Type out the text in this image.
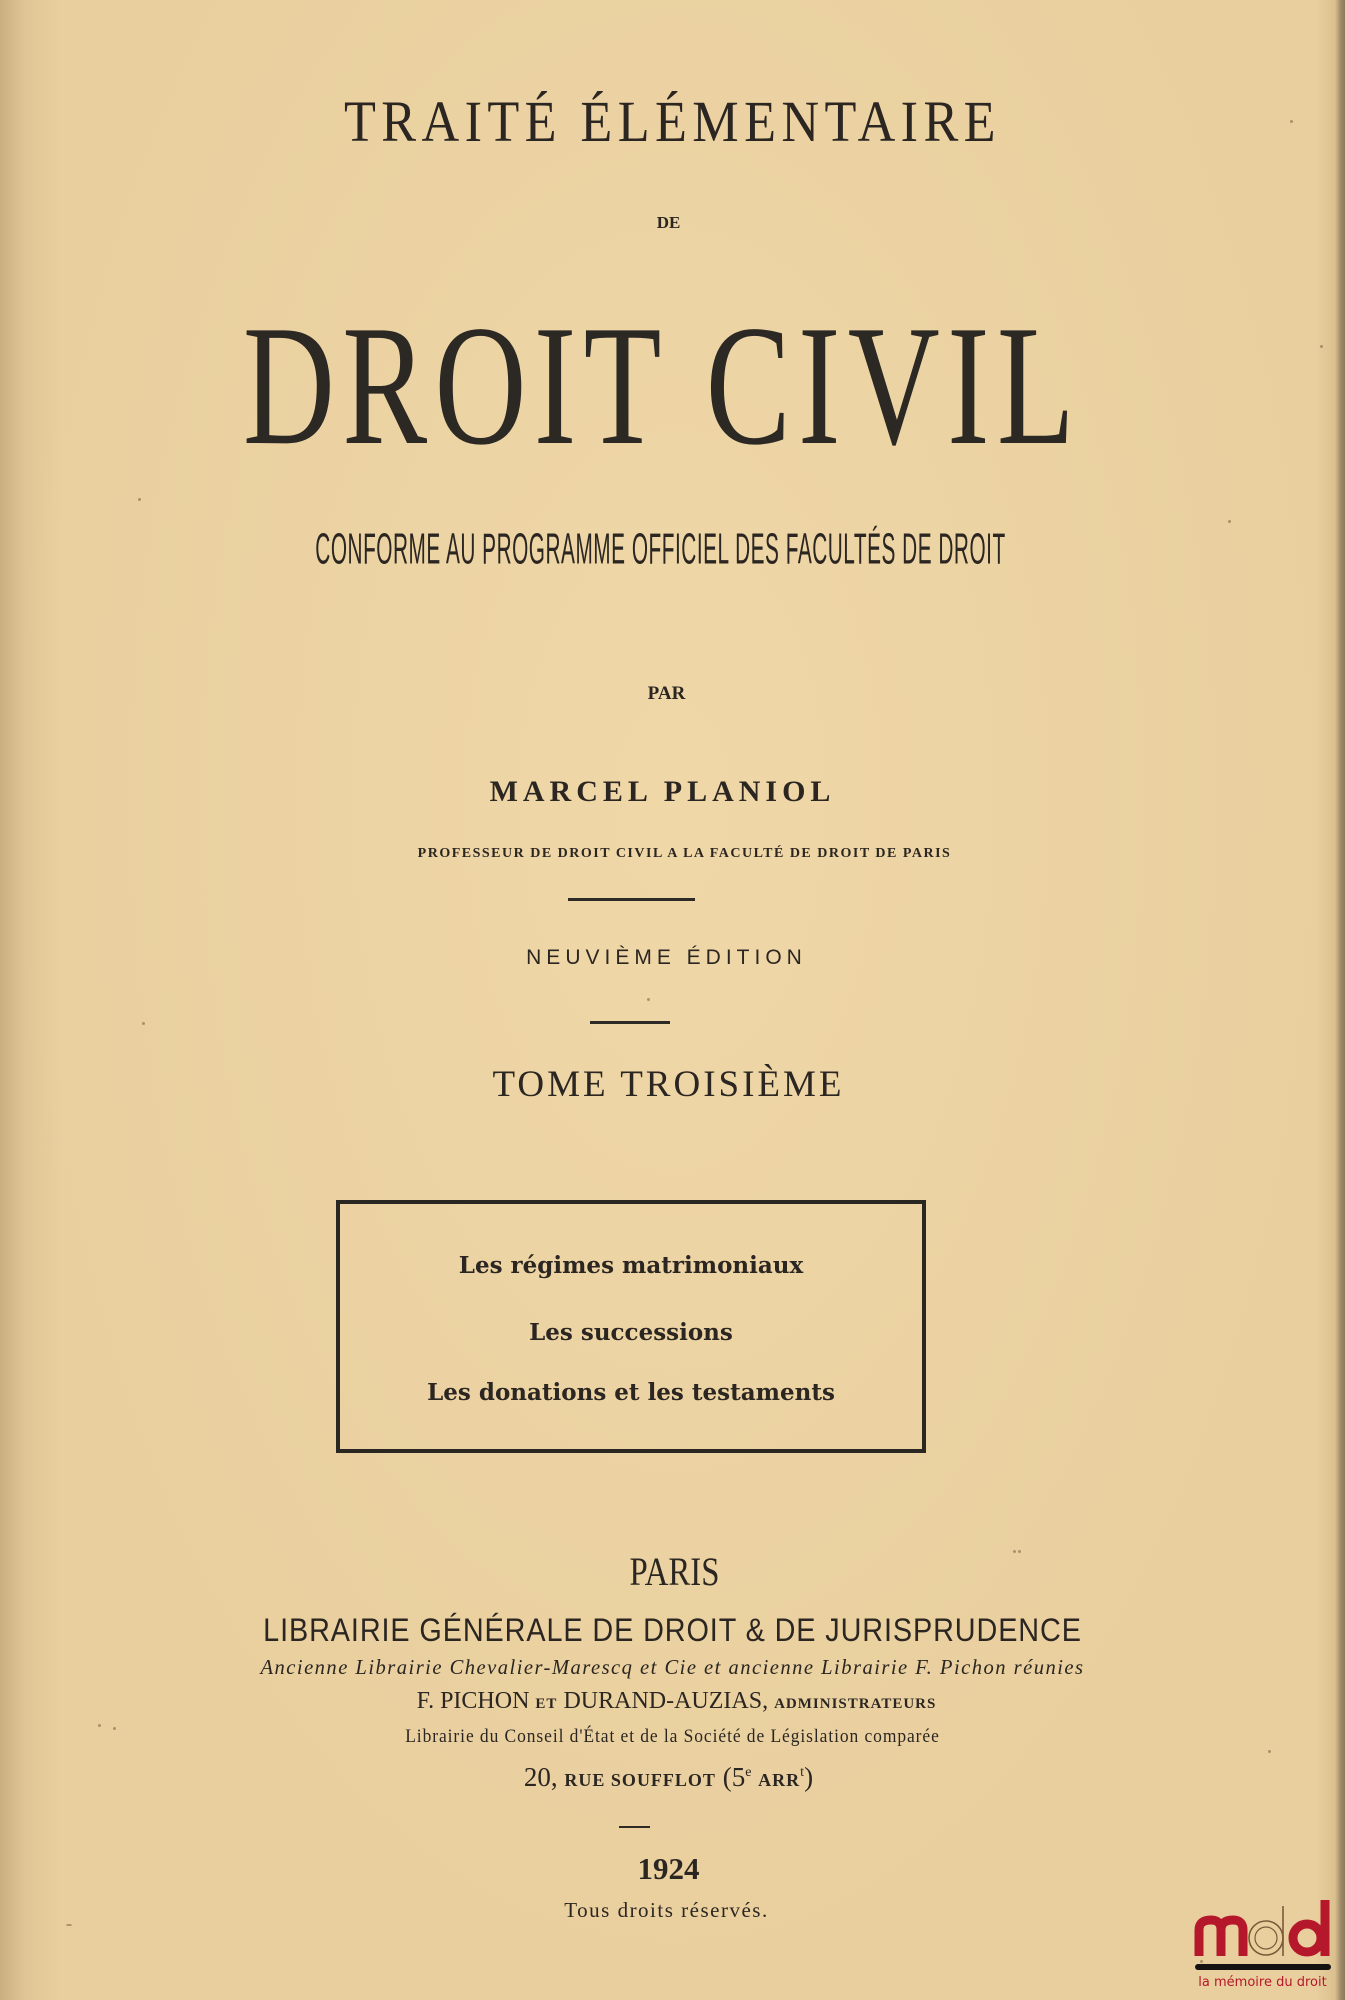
TRAITÉ ÉLÉMENTAIRE
DE
DROIT CIVIL
CONFORME AU PROGRAMME OFFICIEL DES FACULTÉS DE DROIT
PAR
MARCEL PLANIOL
PROFESSEUR DE DROIT CIVIL A LA FACULTÉ DE DROIT DE PARIS
NEUVIÈME ÉDITION
TOME TROISIÈME
Les régimes matrimoniaux
Les successions
Les donations et les testaments
PARIS
LIBRAIRIE GÉNÉRALE DE DROIT & DE JURISPRUDENCE
Ancienne Librairie Chevalier-Marescq et Cie et ancienne Librairie F. Pichon réunies
F. PICHON ET DURAND-AUZIAS, ADMINISTRATEURS
Librairie du Conseil d'État et de la Société de Législation comparée
20, RUE SOUFFLOT (5e ARR$^t$)
1924
Tous droits réservés.
la mémoire du droit
